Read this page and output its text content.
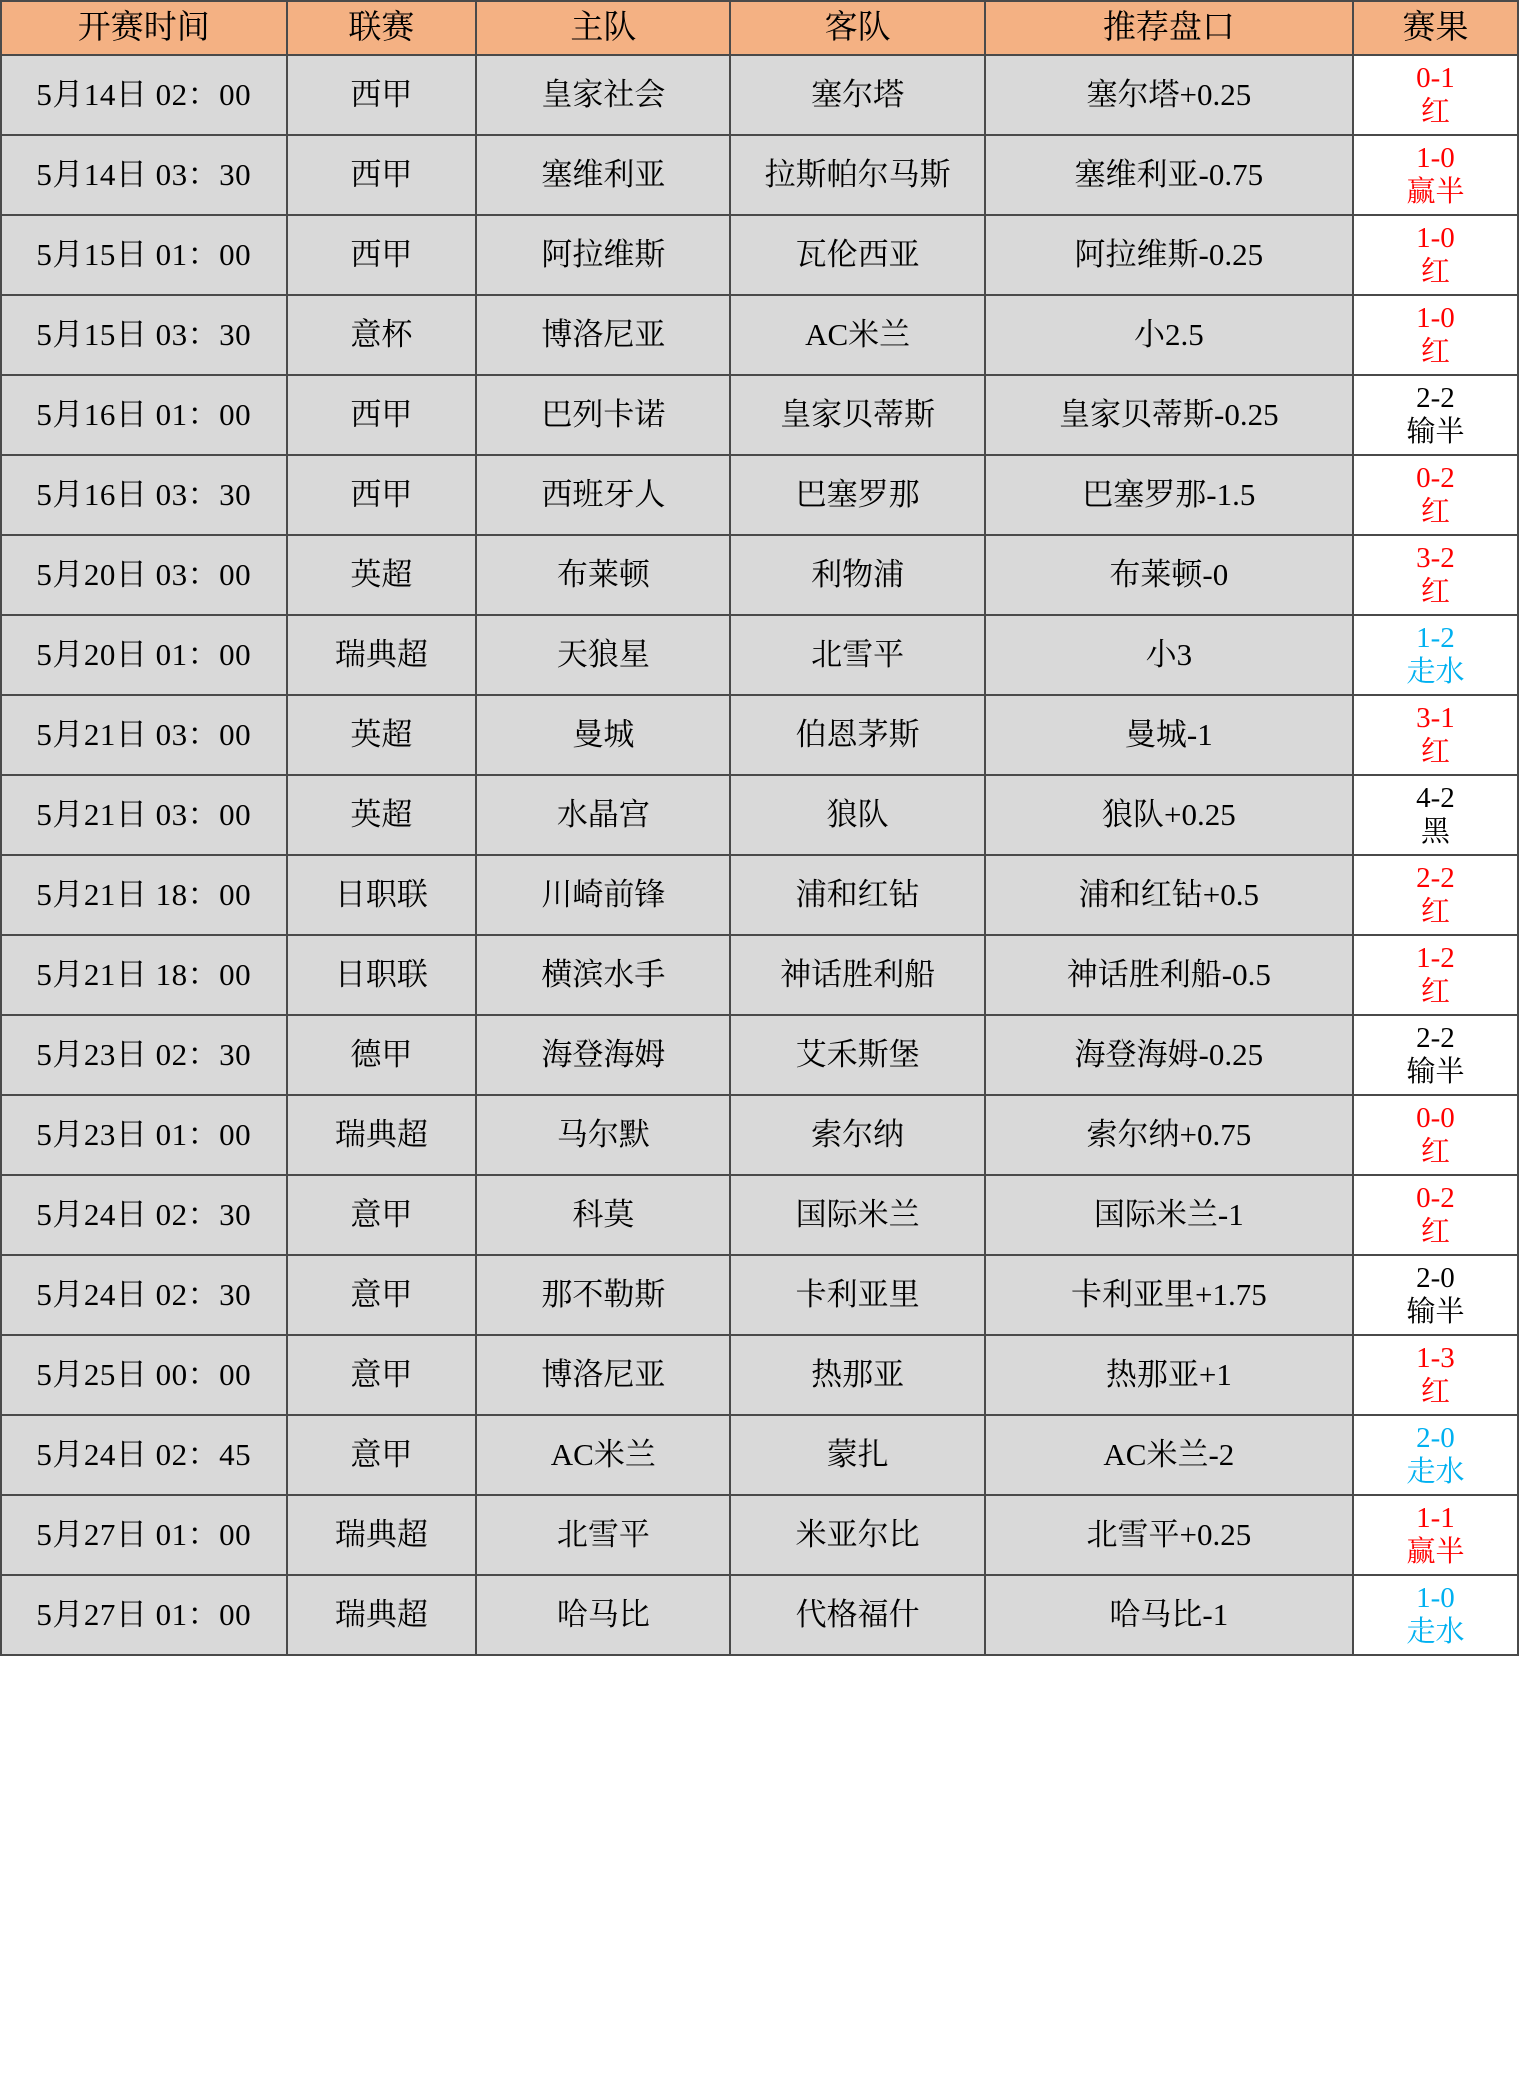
开赛时间	联赛	主队	客队	推荐盘口	赛果
5月14日 02：00	西甲	皇家社会	塞尔塔	塞尔塔+0.25	0-1
红

5月14日 03：30	西甲	塞维利亚	拉斯帕尔马斯	塞维利亚-0.75	1-0
赢半

5月15日 01：00	西甲	阿拉维斯	瓦伦西亚	阿拉维斯-0.25	1-0
红

5月15日 03：30	意杯	博洛尼亚	AC米兰	小2.5	1-0
红

5月16日 01：00	西甲	巴列卡诺	皇家贝蒂斯	皇家贝蒂斯-0.25	2-2
输半

5月16日 03：30	西甲	西班牙人	巴塞罗那	巴塞罗那-1.5	0-2
红

5月20日 03：00	英超	布莱顿	利物浦	布莱顿-0	3-2
红

5月20日 01：00	瑞典超	天狼星	北雪平	小3	1-2
走水

5月21日 03：00	英超	曼城	伯恩茅斯	曼城-1	3-1
红

5月21日 03：00	英超	水晶宫	狼队	狼队+0.25	4-2
黑

5月21日 18：00	日职联	川崎前锋	浦和红钻	浦和红钻+0.5	2-2
红

5月21日 18：00	日职联	横滨水手	神话胜利船	神话胜利船-0.5	1-2
红

5月23日 02：30	德甲	海登海姆	艾禾斯堡	海登海姆-0.25	2-2
输半

5月23日 01：00	瑞典超	马尔默	索尔纳	索尔纳+0.75	0-0
红

5月24日 02：30	意甲	科莫	国际米兰	国际米兰-1	0-2
红

5月24日 02：30	意甲	那不勒斯	卡利亚里	卡利亚里+1.75	2-0
输半

5月25日 00：00	意甲	博洛尼亚	热那亚	热那亚+1	1-3
红

5月24日 02：45	意甲	AC米兰	蒙扎	AC米兰-2	2-0
走水

5月27日 01：00	瑞典超	北雪平	米亚尔比	北雪平+0.25	1-1
赢半

5月27日 01：00	瑞典超	哈马比	代格福什	哈马比-1	1-0
走水
